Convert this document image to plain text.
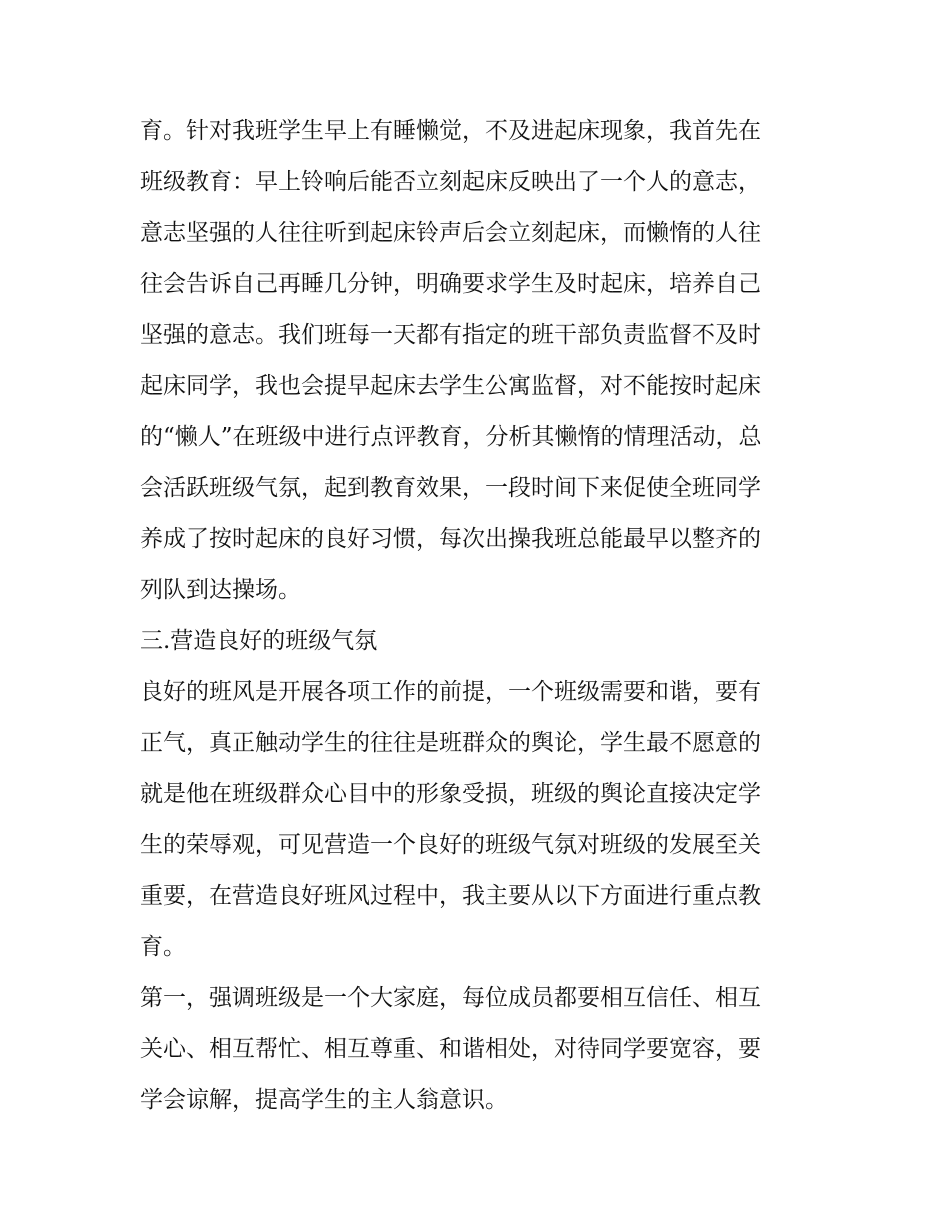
育。针对我班学生早上有睡懒觉，不及进起床现象，我首先在
班级教育：早上铃响后能否立刻起床反映出了一个人的意志，
意志坚强的人往往听到起床铃声后会立刻起床，而懒惰的人往
往会告诉自己再睡几分钟，明确要求学生及时起床，培养自己
坚强的意志。我们班每一天都有指定的班干部负责监督不及时
起床同学，我也会提早起床去学生公寓监督，对不能按时起床
的“懒人”在班级中进行点评教育，分析其懒惰的情理活动，总
会活跃班级气氛，起到教育效果，一段时间下来促使全班同学
养成了按时起床的良好习惯，每次出操我班总能最早以整齐的
列队到达操场。
三.营造良好的班级气氛
良好的班风是开展各项工作的前提，一个班级需要和谐，要有
正气，真正触动学生的往往是班群众的舆论，学生最不愿意的
就是他在班级群众心目中的形象受损，班级的舆论直接决定学
生的荣辱观，可见营造一个良好的班级气氛对班级的发展至关
重要，在营造良好班风过程中，我主要从以下方面进行重点教
育。
第一，强调班级是一个大家庭，每位成员都要相互信任、相互
关心、相互帮忙、相互尊重、和谐相处，对待同学要宽容，要
学会谅解，提高学生的主人翁意识。
